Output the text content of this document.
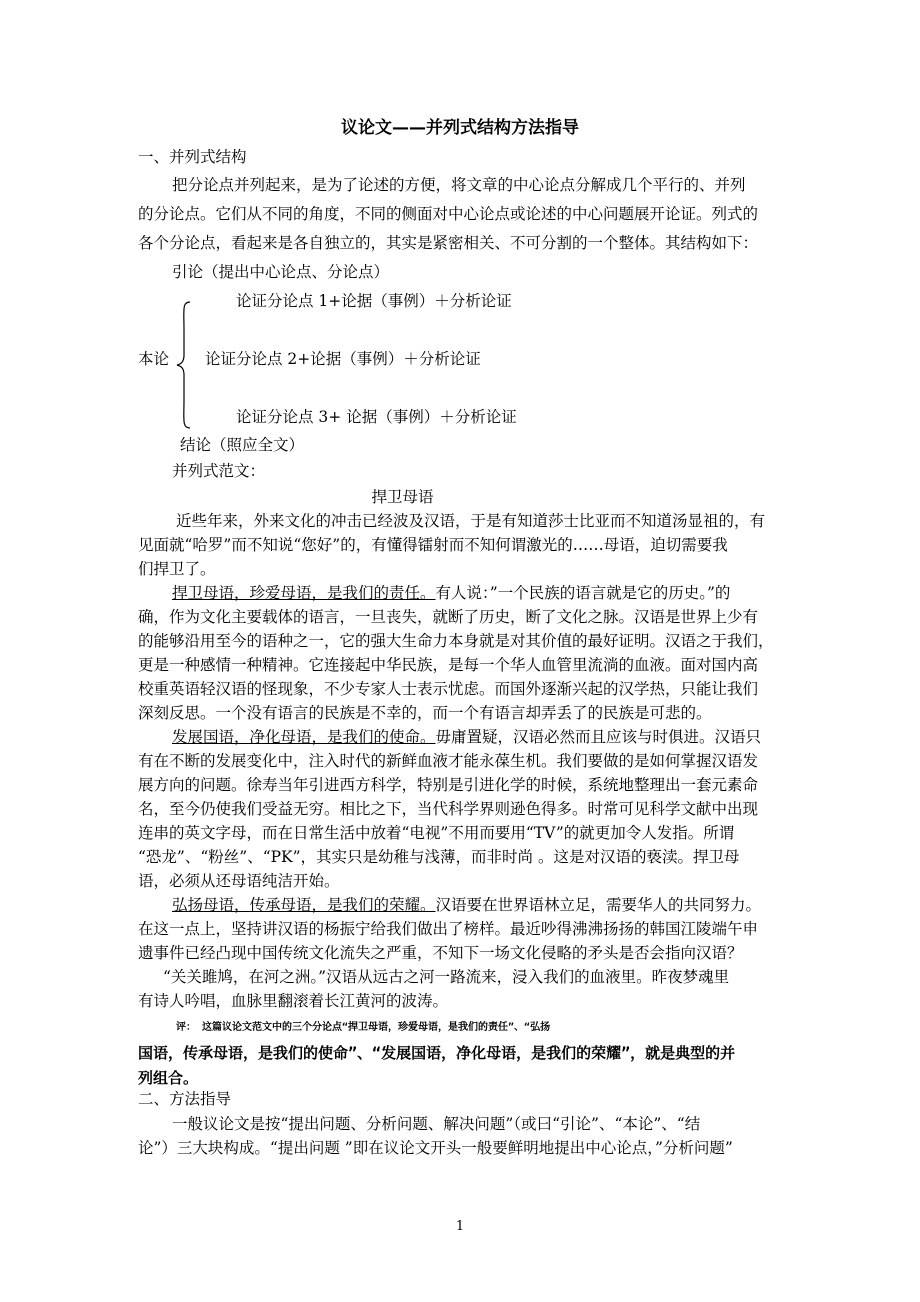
议论文——并列式结构方法指导
一、并列式结构
把分论点并列起来，是为了论述的方便，将文章的中心论点分解成几个平行的、并列
的分论点。它们从不同的角度，不同的侧面对中心论点或论述的中心问题展开论证。列式的
各个分论点，看起来是各自独立的，其实是紧密相关、不可分割的一个整体。其结构如下：
引论（提出中心论点、分论点）
论证分论点 1+论据（事例）＋分析论证
本论 论证分论点 2+论据（事例）＋分析论证
论证分论点 3+ 论据（事例）＋分析论证
结论（照应全文）
并列式范文：
捍卫母语
近些年来，外来文化的冲击已经波及汉语，于是有知道莎士比亚而不知道汤显祖的，有
见面就“哈罗”而不知说“您好”的，有懂得镭射而不知何谓激光的……母语，迫切需要我
们捍卫了。
捍卫母语，珍爱母语，是我们的责任。有人说：”一个民族的语言就是它的历史。”的
确，作为文化主要载体的语言，一旦丧失，就断了历史，断了文化之脉。汉语是世界上少有
的能够沿用至今的语种之一，它的强大生命力本身就是对其价值的最好证明。汉语之于我们，
更是一种感情一种精神。它连接起中华民族，是每一个华人血管里流淌的血液。面对国内高
校重英语轻汉语的怪现象，不少专家人士表示忧虑。而国外逐渐兴起的汉学热，只能让我们
深刻反思。一个没有语言的民族是不幸的，而一个有语言却弄丢了的民族是可悲的。
发展国语，净化母语，是我们的使命。毋庸置疑，汉语必然而且应该与时俱进。汉语只
有在不断的发展变化中，注入时代的新鲜血液才能永葆生机。我们要做的是如何掌握汉语发
展方向的问题。徐寿当年引进西方科学，特别是引进化学的时候，系统地整理出一套元素命
名，至今仍使我们受益无穷。相比之下，当代科学界则逊色得多。时常可见科学文献中出现
连串的英文字母，而在日常生活中放着“电视”不用而要用“TV”的就更加令人发指。所谓
“恐龙”、“粉丝”、“PK”，其实只是幼稚与浅薄，而非时尚 。这是对汉语的亵渎。捍卫母
语，必须从还母语纯洁开始。
弘扬母语，传承母语，是我们的荣耀。汉语要在世界语林立足，需要华人的共同努力。
在这一点上，坚持讲汉语的杨振宁给我们做出了榜样。最近吵得沸沸扬扬的韩国江陵端午申
遗事件已经凸现中国传统文化流失之严重，不知下一场文化侵略的矛头是否会指向汉语？
“关关雎鸠，在河之洲。”汉语从远古之河一路流来，浸入我们的血液里。昨夜梦魂里
有诗人吟唱，血脉里翻滚着长江黄河的波涛。
评： 这篇议论文范文中的三个分论点“捍卫母语，珍爱母语，是我们的责任”、“弘扬
国语，传承母语，是我们的使命”、“发展国语，净化母语，是我们的荣耀”，就是典型的并
列组合。
二、方法指导
一般议论文是按“提出问题、分析问题、解决问题”（或曰“引论”、“本论”、“结
论”）三大块构成。“提出问题 ”即在议论文开头一般要鲜明地提出中心论点，”分析问题”
1
